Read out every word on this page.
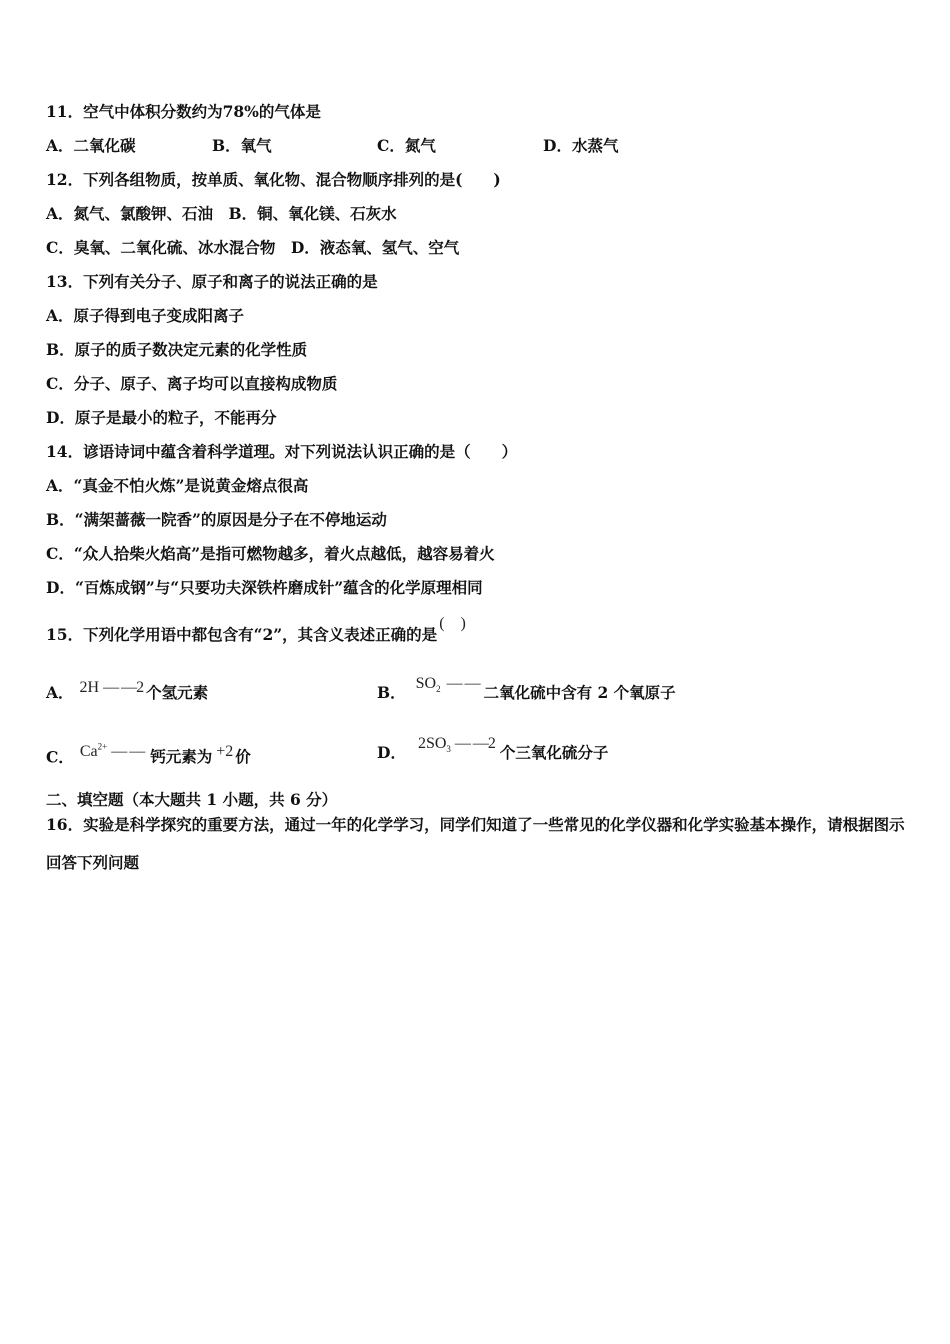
11．空气中体积分数约为78%的气体是
A．二氧化碳	B．氧气	C．氮气	D．水蒸气
12．下列各组物质，按单质、氧化物、混合物顺序排列的是(　　)
A．氮气、氯酸钾、石油　B．铜、氧化镁、石灰水
C．臭氧、二氧化硫、冰水混合物　D．液态氧、氢气、空气
13．下列有关分子、原子和离子的说法正确的是
A．原子得到电子变成阳离子
B．原子的质子数决定元素的化学性质
C．分子、原子、离子均可以直接构成物质
D．原子是最小的粒子，不能再分
14．谚语诗词中蕴含着科学道理。对下列说法认识正确的是（　　）
A．“真金不怕火炼”是说黄金熔点很高
B．“满架蔷薇一院香”的原因是分子在不停地运动
C．“众人拾柴火焰高”是指可燃物越多，着火点越低，越容易着火
D．“百炼成钢”与“只要功夫深铁杵磨成针”蕴含的化学原理相同
15．下列化学用语中都包含有“2”，其含义表述正确的是(　)
A． 2H — —2 个氢元素	B． $SO_2$ — — 二氧化硫中含有 2 个氧原子
C． $Ca^{2+}$ — — 钙元素为 +2 价	D． $2SO_3$ — —2 个三氧化硫分子
二、填空题（本大题共 1 小题，共 6 分）
16．实验是科学探究的重要方法，通过一年的化学学习，同学们知道了一些常见的化学仪器和化学实验基本操作，请根据图示回答下列问题
